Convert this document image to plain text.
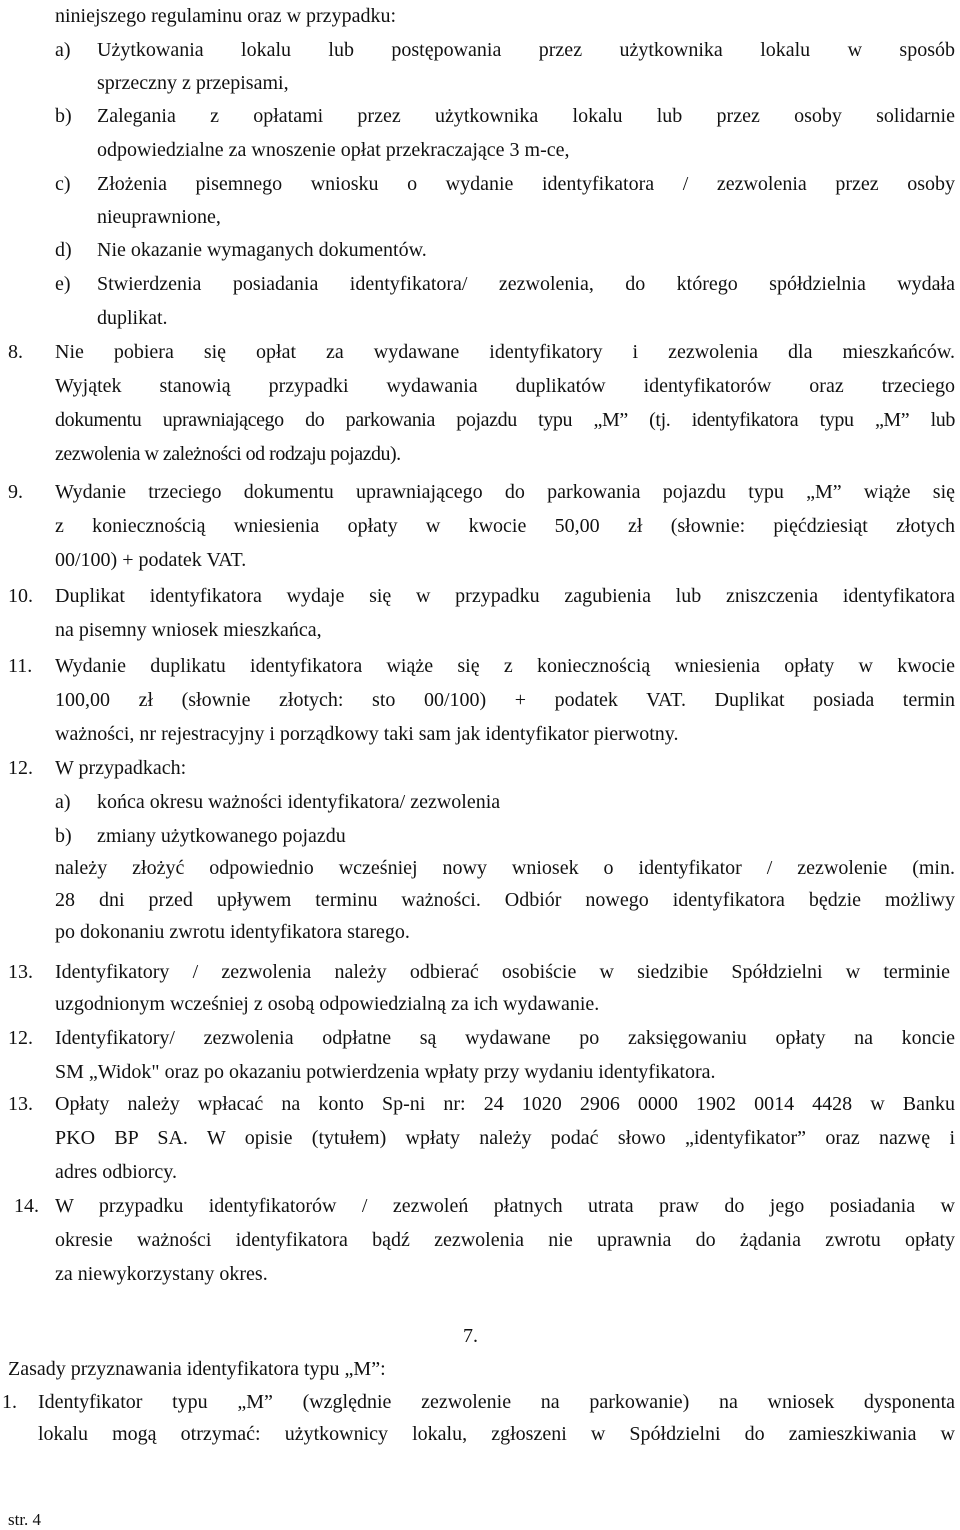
niniejszego regulaminu oraz w przypadku:
a) Użytkowania lokalu lub postępowania przez użytkownika lokalu w sposób
sprzeczny z przepisami,
b) Zalegania z opłatami przez użytkownika lokalu lub przez osoby solidarnie
odpowiedzialne za wnoszenie opłat przekraczające 3 m-ce,
c) Złożenia pisemnego wniosku o wydanie identyfikatora / zezwolenia przez osoby
nieuprawnione,
d) Nie okazanie wymaganych dokumentów.
e) Stwierdzenia posiadania identyfikatora/ zezwolenia, do którego spółdzielnia wydała
duplikat.
8. Nie pobiera się opłat za wydawane identyfikatory i zezwolenia dla mieszkańców.
Wyjątek stanowią przypadki wydawania duplikatów identyfikatorów oraz trzeciego
dokumentu uprawniającego do parkowania pojazdu typu „M” (tj. identyfikatora typu „M” lub
zezwolenia w zależności od rodzaju pojazdu).
9. Wydanie trzeciego dokumentu uprawniającego do parkowania pojazdu typu „M” wiąże się
z koniecznością wniesienia opłaty w kwocie 50,00 zł (słownie: pięćdziesiąt złotych
00/100) + podatek VAT.
10. Duplikat identyfikatora wydaje się w przypadku zagubienia lub zniszczenia identyfikatora
na pisemny wniosek mieszkańca,
11. Wydanie duplikatu identyfikatora wiąże się z koniecznością wniesienia opłaty w kwocie
100,00 zł (słownie złotych: sto 00/100) + podatek VAT. Duplikat posiada termin
ważności, nr rejestracyjny i porządkowy taki sam jak identyfikator pierwotny.
12. W przypadkach:
a) końca okresu ważności identyfikatora/ zezwolenia
b) zmiany użytkowanego pojazdu
należy złożyć odpowiednio wcześniej nowy wniosek o identyfikator / zezwolenie (min.
28 dni przed upływem terminu ważności. Odbiór nowego identyfikatora będzie możliwy
po dokonaniu zwrotu identyfikatora starego.
13. Identyfikatory / zezwolenia należy odbierać osobiście w siedzibie Spółdzielni w terminie
uzgodnionym wcześniej z osobą odpowiedzialną za ich wydawanie.
12. Identyfikatory/ zezwolenia odpłatne są wydawane po zaksięgowaniu opłaty na koncie
SM „Widok" oraz po okazaniu potwierdzenia wpłaty przy wydaniu identyfikatora.
13. Opłaty należy wpłacać na konto Sp-ni nr: 24 1020 2906 0000 1902 0014 4428 w Banku
PKO BP SA. W opisie (tytułem) wpłaty należy podać słowo „identyfikator” oraz nazwę i
adres odbiorcy.
14. W przypadku identyfikatorów / zezwoleń płatnych utrata praw do jego posiadania w
okresie ważności identyfikatora bądź zezwolenia nie uprawnia do żądania zwrotu opłaty
za niewykorzystany okres.
7.
Zasady przyznawania identyfikatora typu „M”:
1. Identyfikator typu „M” (względnie zezwolenie na parkowanie) na wniosek dysponenta
lokalu mogą otrzymać: użytkownicy lokalu, zgłoszeni w Spółdzielni do zamieszkiwania w
str. 4
